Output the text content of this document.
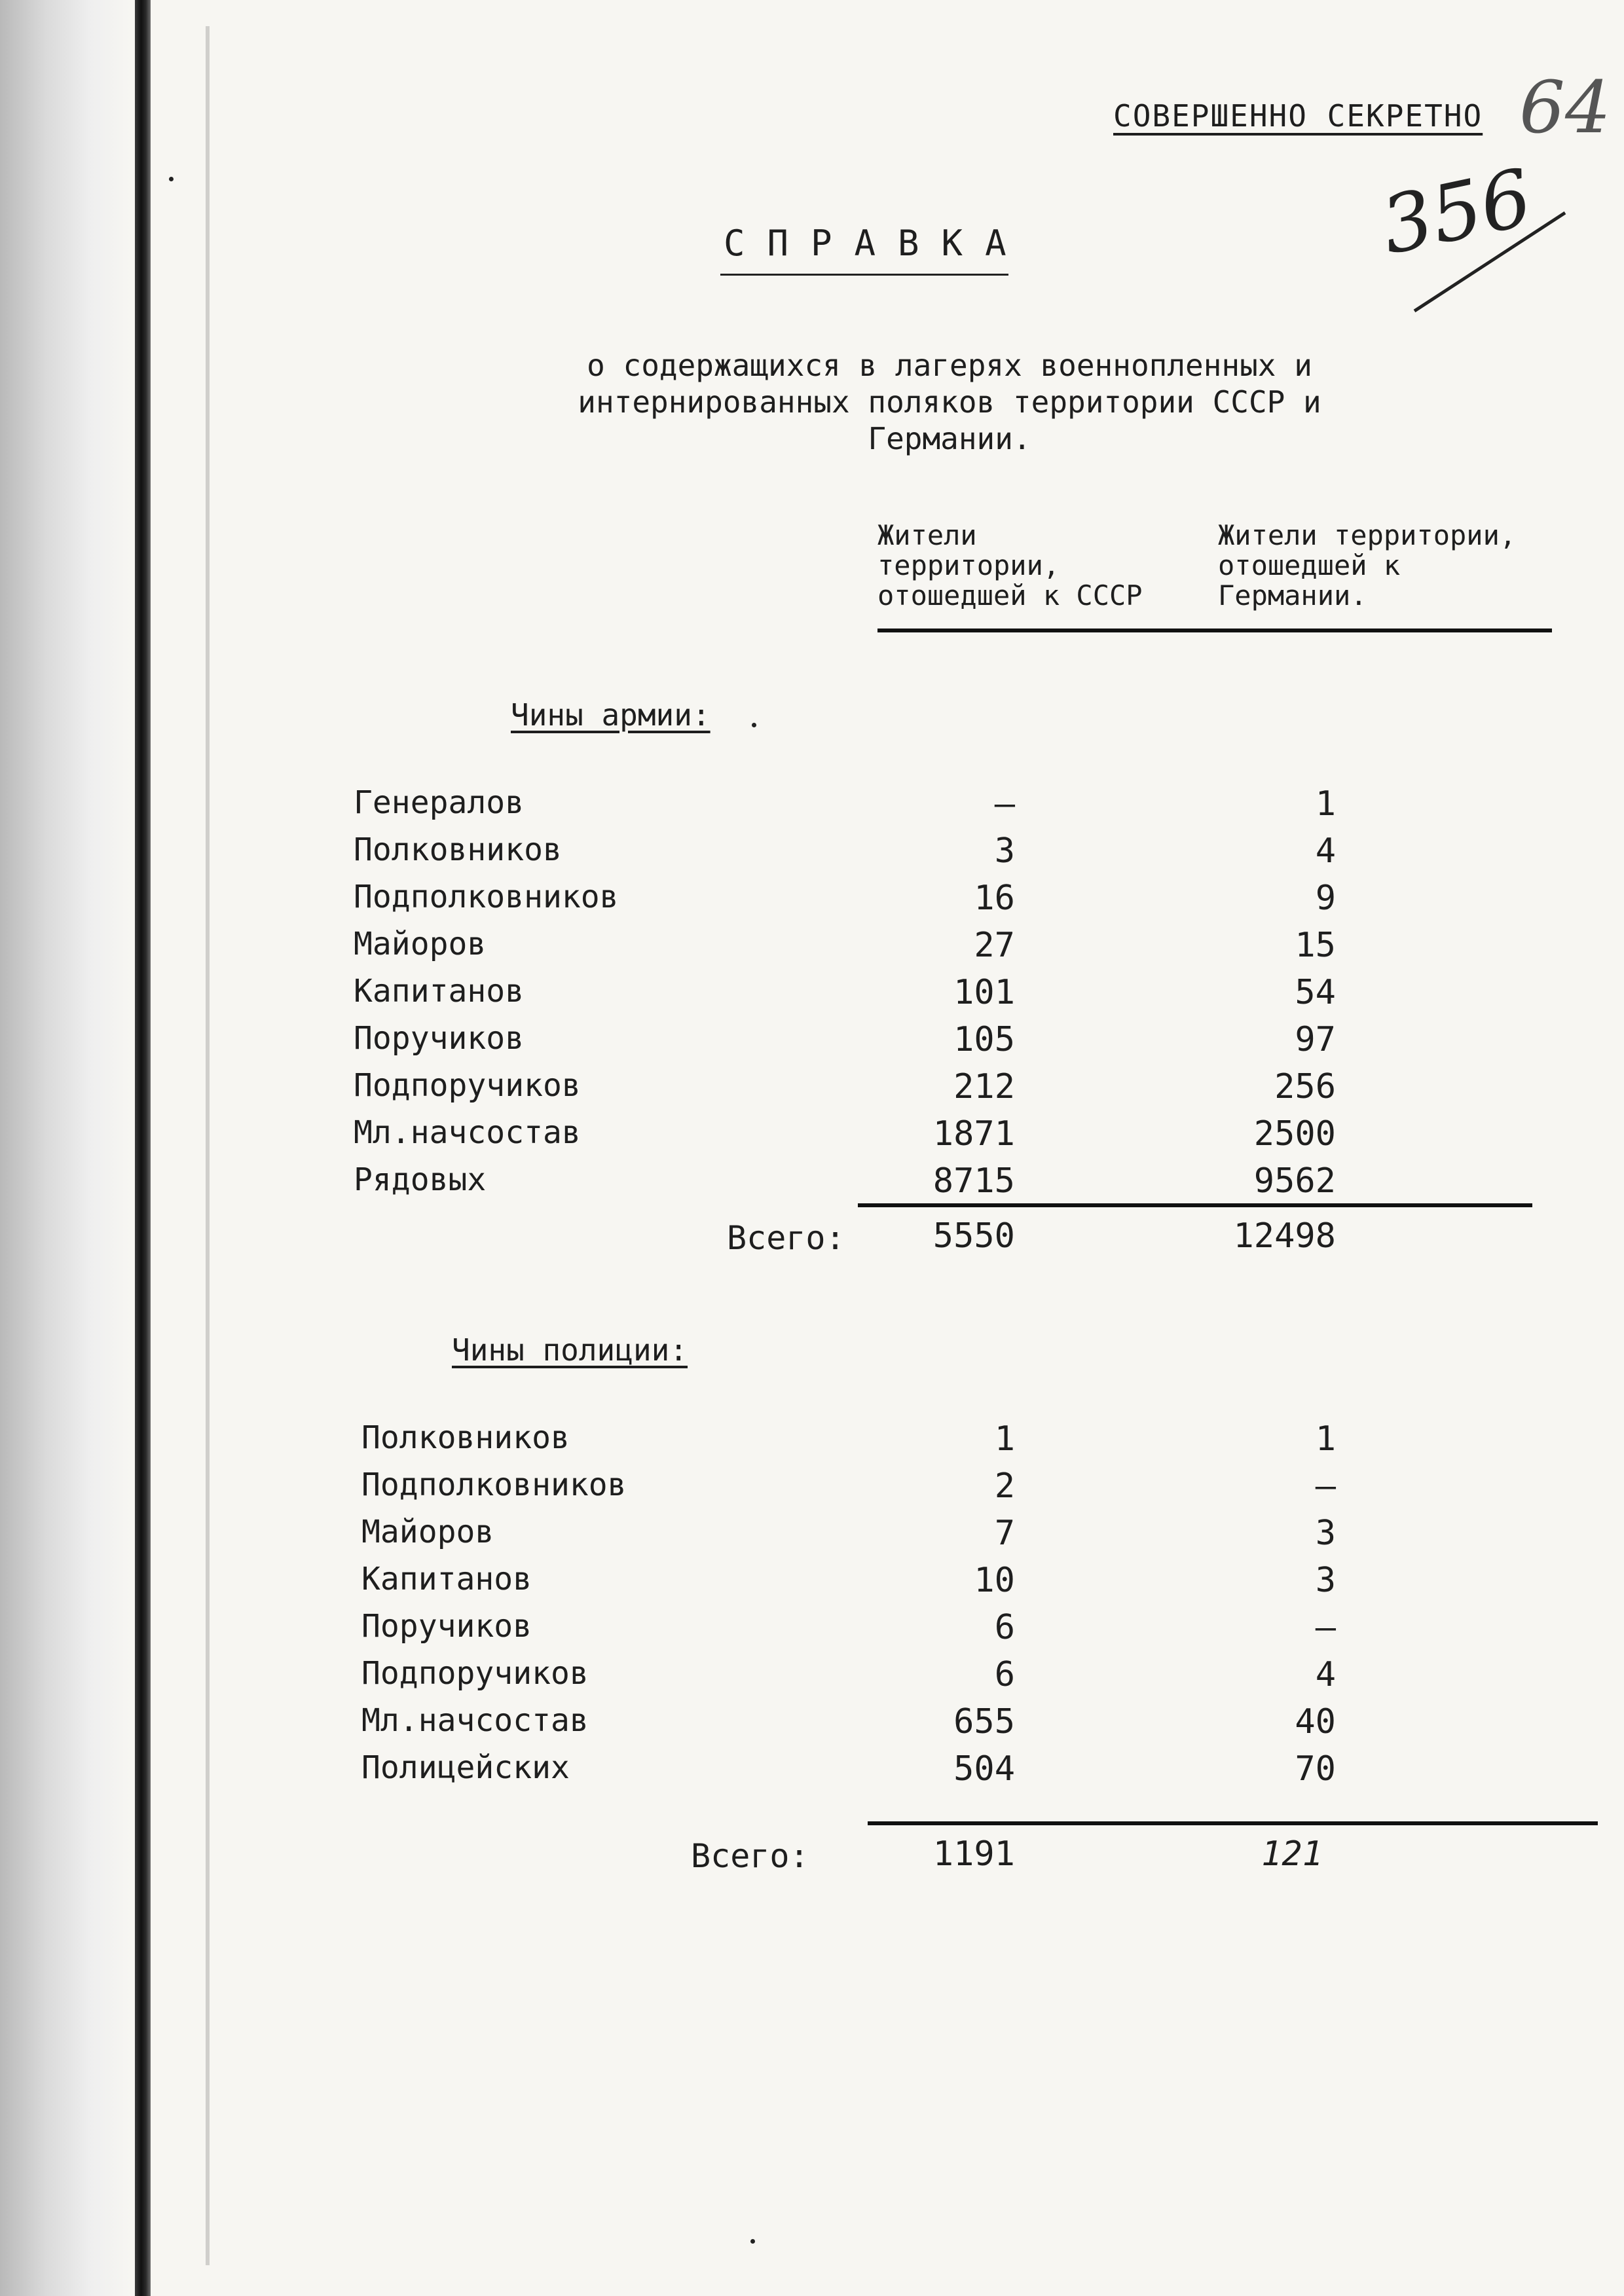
СОВЕРШЕННО СЕКРЕТНО 64
356
СПРАВКА
о содержащихся в лагерях военнопленных и интернированных поляков территории СССР и Германии.
Жители территории, отошедшей к СССР
Жители территории, отошедшей к Германии.
Чины армии:
Генералов	–	1
Полковников	3	4
Подполковников	16	9
Майоров	27	15
Капитанов	101	54
Поручиков	105	97
Подпоручиков	212	256
Мл.начсостав	1871	2500
Рядовых	8715	9562
Всего:	5550	12498
Чины полиции:
Полковников	1	1
Подполковников	2	–
Майоров	7	3
Капитанов	10	3
Поручиков	6	–
Подпоручиков	6	4
Мл.начсостав	655	40
Полицейских	504	70
Всего:	1191	121
